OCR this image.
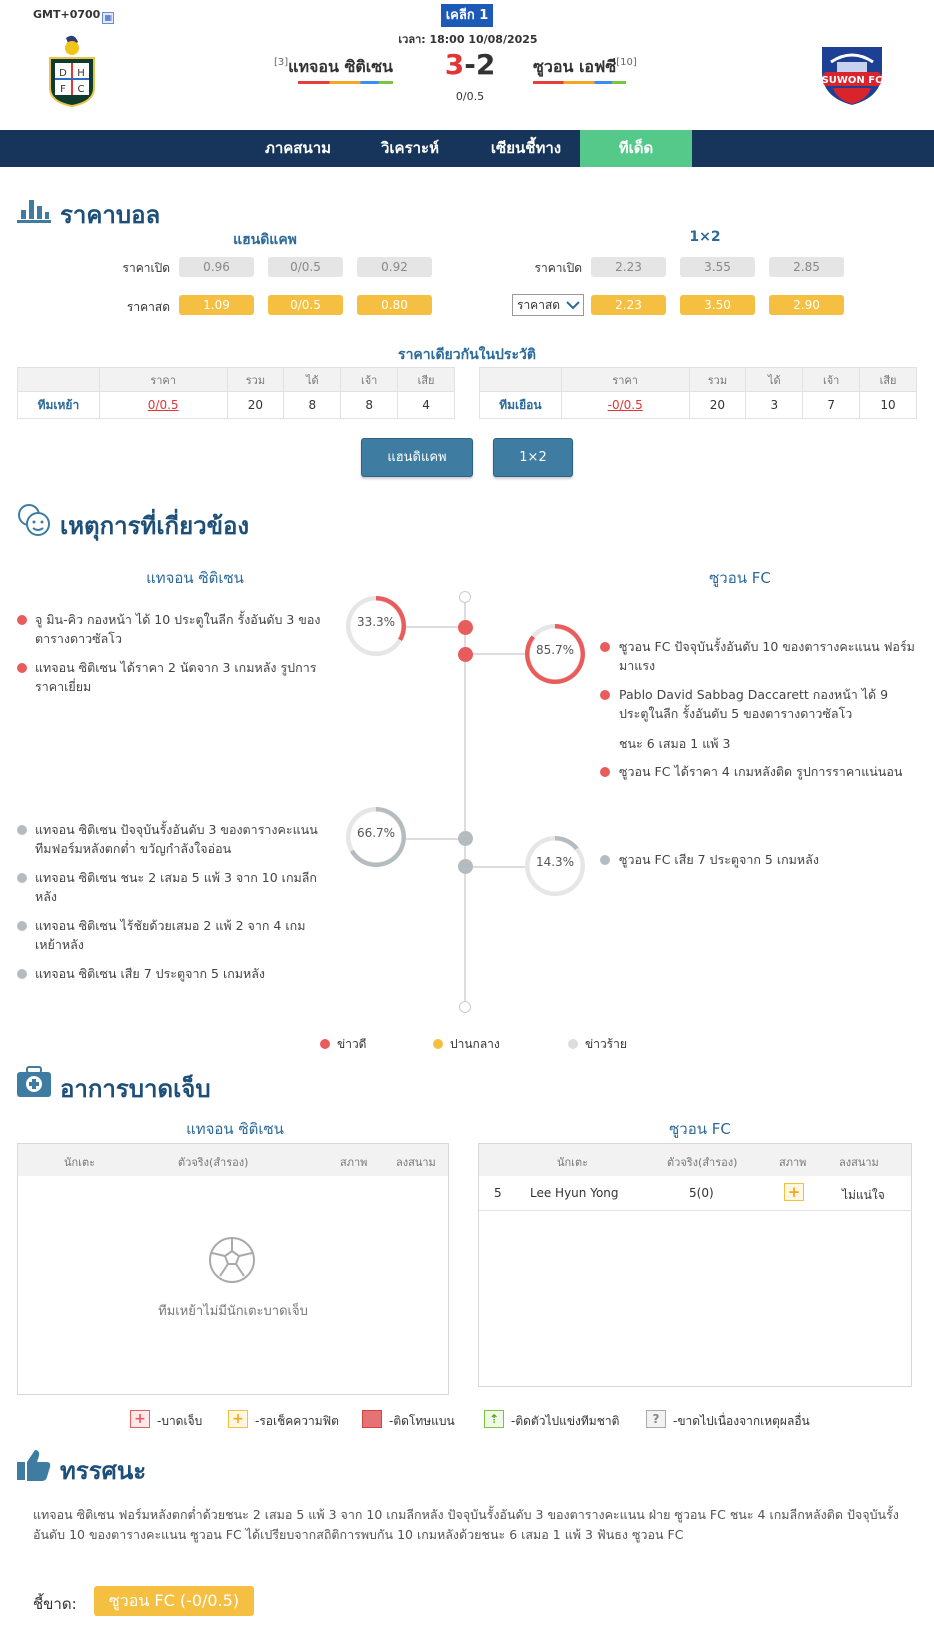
GMT+0700 ▦	เคลีก 1
เวลา: 18:00 10/08/2025
D H
F C
[3]แทจอน ซิติเซน	3-2
0/0.5
ซูวอน เอฟซี[10]
SUWON FC
ภาคสนาม	วิเคราะห์	เซียนชี้ทาง	ทีเด็ด
ราคาบอล
แฮนดิแคพ	1×2
ราคาเปิด	0.96	0/0.5	0.92
ราคาสด	1.09	0/0.5	0.80
ราคาเปิด	2.23	3.55	2.85
ราคาสด	2.23	3.50	2.90
ราคาเดียวกันในประวัติ
	ราคา	รวม	ได้	เจ้า	เสีย
ทีมเหย้า	0/0.5	20	8	8	4
	ราคา	รวม	ได้	เจ้า	เสีย
ทีมเยือน	-0/0.5	20	3	7	10
แฮนดิแคพ	1×2
เหตุการที่เกี่ยวข้อง
แทจอน ซิติเซน	ซูวอน FC
33.3%
85.7%
66.7%
14.3%
จู มิน-คิว กองหน้า ได้ 10 ประตูในลีก รั้งอันดับ 3 ของตารางดาวซัลโว
แทจอน ซิติเซน ได้ราคา 2 นัดจาก 3 เกมหลัง รูปการราคาเยี่ยม
ซูวอน FC ปัจจุบันรั้งอันดับ 10 ของตารางคะแนน ฟอร์มมาแรง
Pablo David Sabbag Daccarett กองหน้า ได้ 9 ประตูในลีก รั้งอันดับ 5 ของตารางดาวซัลโว
ชนะ 6 เสมอ 1 แพ้ 3
ซูวอน FC ได้ราคา 4 เกมหลังติด รูปการราคาแน่นอน
แทจอน ซิติเซน ปัจจุบันรั้งอันดับ 3 ของตารางคะแนน ทีมฟอร์มหลังตกต่ำ ขวัญกำลังใจอ่อน
แทจอน ซิติเซน ชนะ 2 เสมอ 5 แพ้ 3 จาก 10 เกมลีกหลัง
แทจอน ซิติเซน ไร้ชัยด้วยเสมอ 2 แพ้ 2 จาก 4 เกมเหย้าหลัง
แทจอน ซิติเซน เสีย 7 ประตูจาก 5 เกมหลัง
ซูวอน FC เสีย 7 ประตูจาก 5 เกมหลัง
ข่าวดี	ปานกลาง	ข่าวร้าย
อาการบาดเจ็บ
แทจอน ซิติเซน	ซูวอน FC
นักเตะ	ตัวจริง(สำรอง)	สภาพ	ลงสนาม
ทีมเหย้าไม่มีนักเตะบาดเจ็บ
นักเตะ	ตัวจริง(สำรอง)	สภาพ	ลงสนาม
5 Lee Hyun Yong	5(0)	+	ไม่แน่ใจ
+ -บาดเจ็บ + -รอเช็คความฟิต	-ติดโทษแบน	⇡ -ติดตัวไปแข่งทีมชาติ	?	-ขาดไปเนื่องจากเหตุผลอื่น
ทรรศนะ
แทจอน ซิติเซน ฟอร์มหลังตกต่ำด้วยชนะ 2 เสมอ 5 แพ้ 3 จาก 10 เกมลีกหลัง ปัจจุบันรั้งอันดับ 3 ของตารางคะแนน ฝ่าย ซูวอน FC ชนะ 4 เกมลีกหลังติด ปัจจุบันรั้งอันดับ 10 ของตารางคะแนน ซูวอน FC ได้เปรียบจากสถิติการพบกัน 10 เกมหลังด้วยชนะ 6 เสมอ 1 แพ้ 3 ฟันธง ซูวอน FC
ชี้ขาด:	ซูวอน FC (-0/0.5)
